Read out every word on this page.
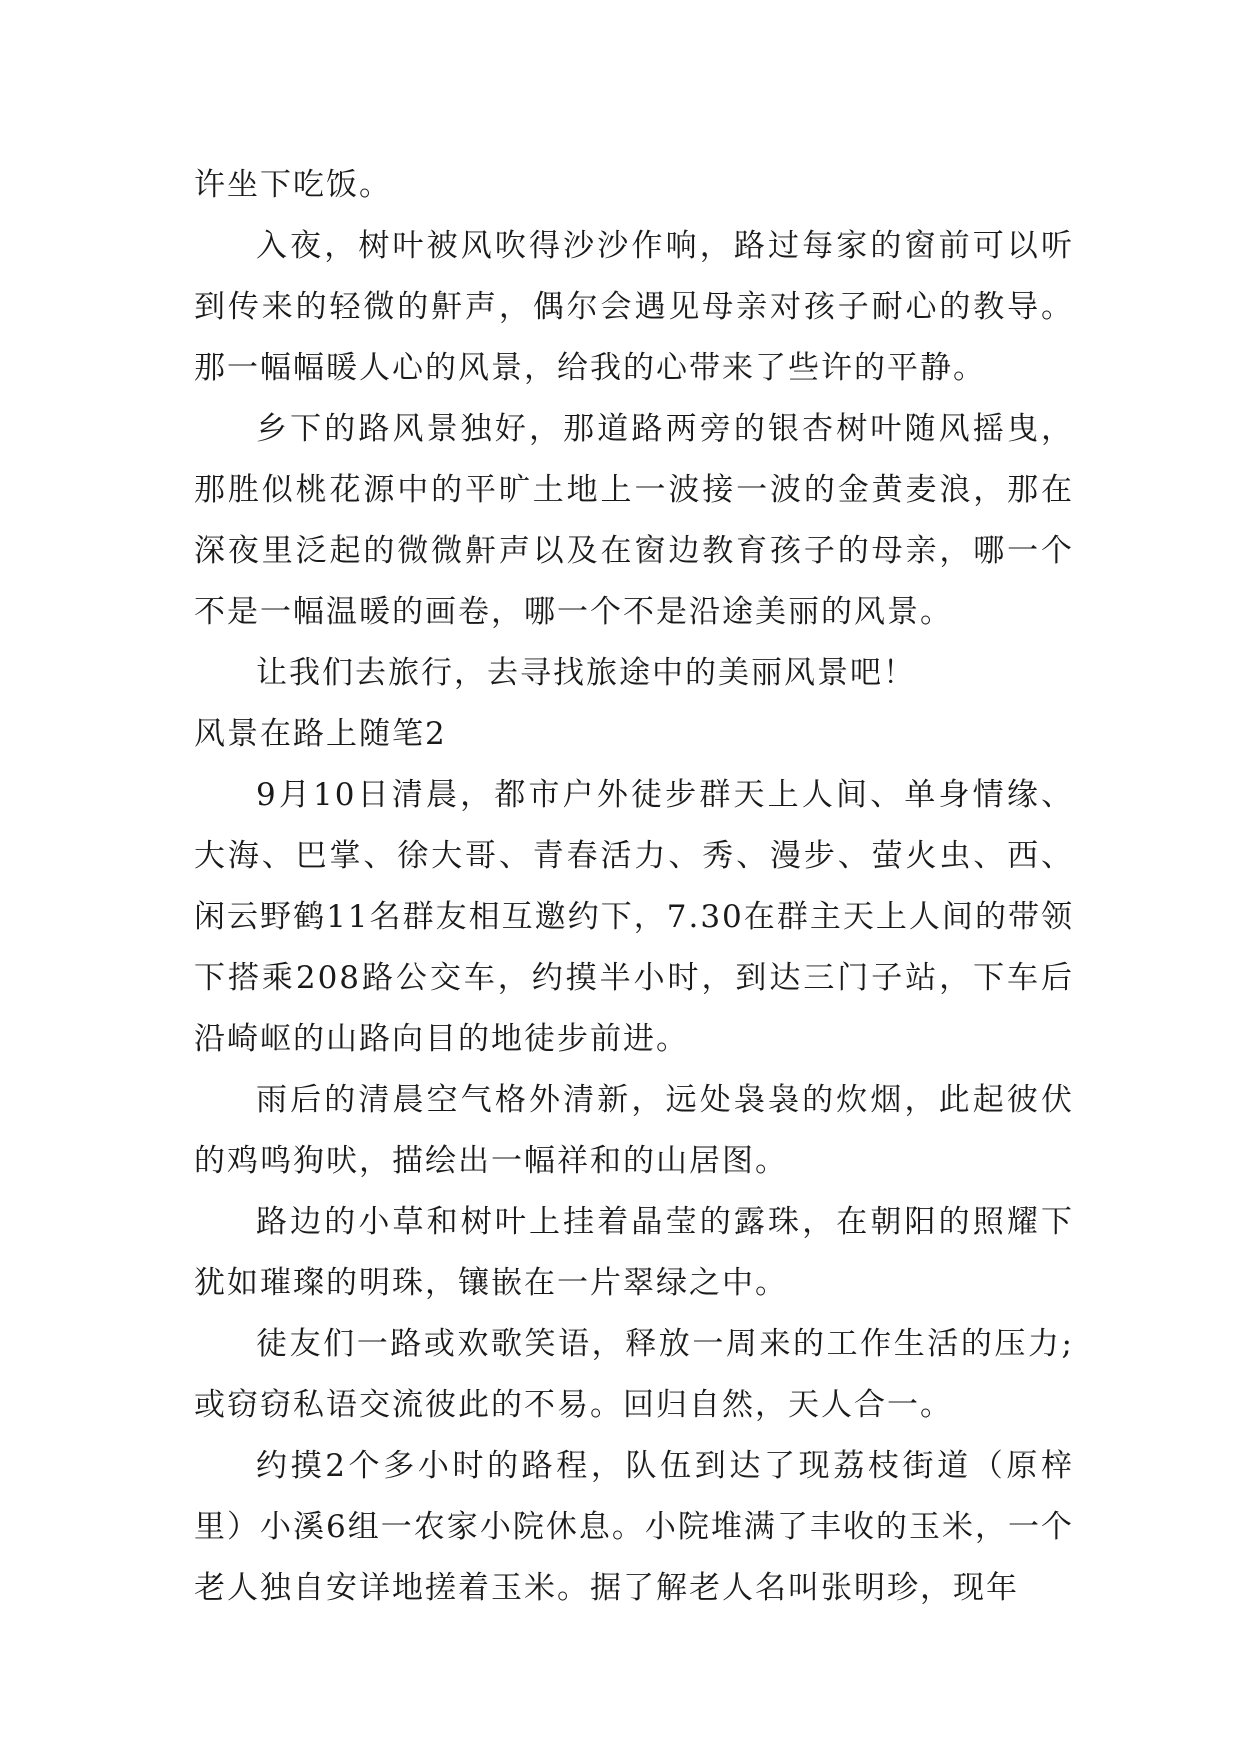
许坐下吃饭。

入夜，树叶被风吹得沙沙作响，路过每家的窗前可以听到传来的轻微的鼾声，偶尔会遇见母亲对孩子耐心的教导。那一幅幅暖人心的风景，给我的心带来了些许的平静。

乡下的路风景独好，那道路两旁的银杏树叶随风摇曳，那胜似桃花源中的平旷土地上一波接一波的金黄麦浪，那在深夜里泛起的微微鼾声以及在窗边教育孩子的母亲，哪一个不是一幅温暖的画卷，哪一个不是沿途美丽的风景。

让我们去旅行，去寻找旅途中的美丽风景吧！

风景在路上随笔2

9月10日清晨，都市户外徒步群天上人间、单身情缘、大海、巴掌、徐大哥、青春活力、秀、漫步、萤火虫、西、闲云野鹤11名群友相互邀约下，7.30在群主天上人间的带领下搭乘208路公交车，约摸半小时，到达三门子站，下车后沿崎岖的山路向目的地徒步前进。

雨后的清晨空气格外清新，远处袅袅的炊烟，此起彼伏的鸡鸣狗吠，描绘出一幅祥和的山居图。

路边的小草和树叶上挂着晶莹的露珠，在朝阳的照耀下犹如璀璨的明珠，镶嵌在一片翠绿之中。

徒友们一路或欢歌笑语，释放一周来的工作生活的压力;或窃窃私语交流彼此的不易。回归自然，天人合一。

约摸2个多小时的路程，队伍到达了现荔枝街道（原梓里）小溪6组一农家小院休息。小院堆满了丰收的玉米，一个老人独自安详地搓着玉米。据了解老人名叫张明珍，现年
